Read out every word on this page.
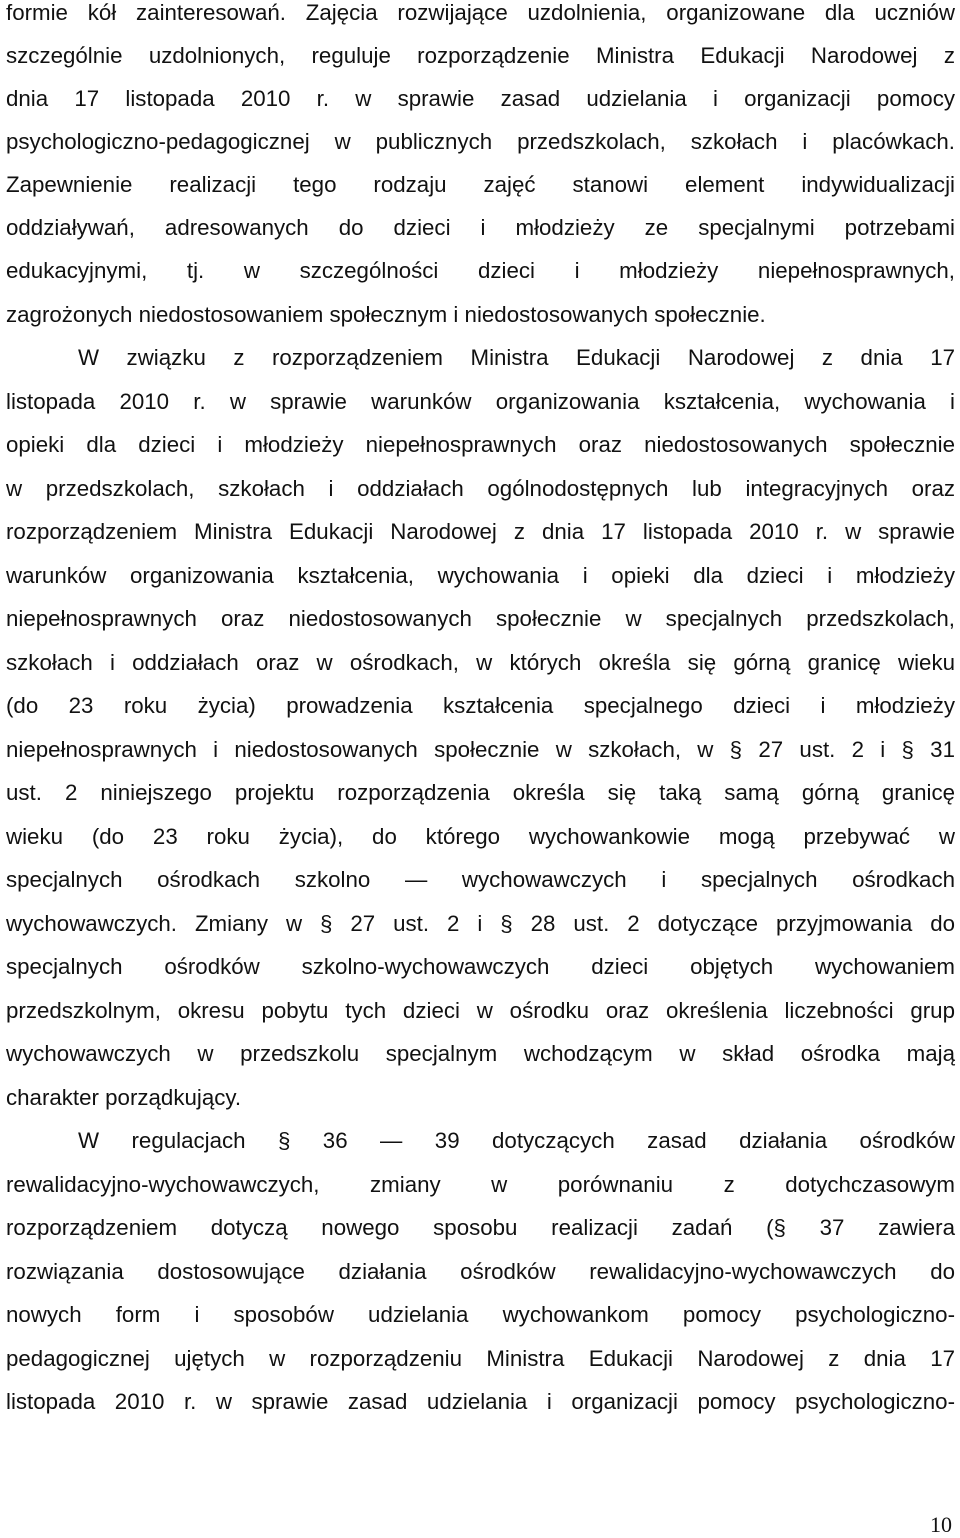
formie kół zainteresowań. Zajęcia rozwijające uzdolnienia, organizowane dla uczniów
szczególnie uzdolnionych, reguluje rozporządzenie Ministra Edukacji Narodowej z
dnia 17 listopada 2010 r. w sprawie zasad udzielania i organizacji pomocy
psychologiczno-pedagogicznej w publicznych przedszkolach, szkołach i placówkach.
Zapewnienie realizacji tego rodzaju zajęć stanowi element indywidualizacji
oddziaływań, adresowanych do dzieci i młodzieży ze specjalnymi potrzebami
edukacyjnymi, tj. w szczególności dzieci i młodzieży niepełnosprawnych,
zagrożonych niedostosowaniem społecznym i niedostosowanych społecznie.
W związku z rozporządzeniem Ministra Edukacji Narodowej z dnia 17
listopada 2010 r. w sprawie warunków organizowania kształcenia, wychowania i
opieki dla dzieci i młodzieży niepełnosprawnych oraz niedostosowanych społecznie
w przedszkolach, szkołach i oddziałach ogólnodostępnych lub integracyjnych oraz
rozporządzeniem Ministra Edukacji Narodowej z dnia 17 listopada 2010 r. w sprawie
warunków organizowania kształcenia, wychowania i opieki dla dzieci i młodzieży
niepełnosprawnych oraz niedostosowanych społecznie w specjalnych przedszkolach,
szkołach i oddziałach oraz w ośrodkach, w których określa się górną granicę wieku
(do 23 roku życia) prowadzenia kształcenia specjalnego dzieci i młodzieży
niepełnosprawnych i niedostosowanych społecznie w szkołach, w § 27 ust. 2 i § 31
ust. 2 niniejszego projektu rozporządzenia określa się taką samą górną granicę
wieku (do 23 roku życia), do którego wychowankowie mogą przebywać w
specjalnych ośrodkach szkolno — wychowawczych i specjalnych ośrodkach
wychowawczych. Zmiany w § 27 ust. 2 i § 28 ust. 2 dotyczące przyjmowania do
specjalnych ośrodków szkolno-wychowawczych dzieci objętych wychowaniem
przedszkolnym, okresu pobytu tych dzieci w ośrodku oraz określenia liczebności grup
wychowawczych w przedszkolu specjalnym wchodzącym w skład ośrodka mają
charakter porządkujący.
W regulacjach § 36 — 39 dotyczących zasad działania ośrodków
rewalidacyjno-wychowawczych, zmiany w porównaniu z dotychczasowym
rozporządzeniem dotyczą nowego sposobu realizacji zadań (§ 37 zawiera
rozwiązania dostosowujące działania ośrodków rewalidacyjno-wychowawczych do
nowych form i sposobów udzielania wychowankom pomocy psychologiczno-
pedagogicznej ujętych w rozporządzeniu Ministra Edukacji Narodowej z dnia 17
listopada 2010 r. w sprawie zasad udzielania i organizacji pomocy psychologiczno-
10
